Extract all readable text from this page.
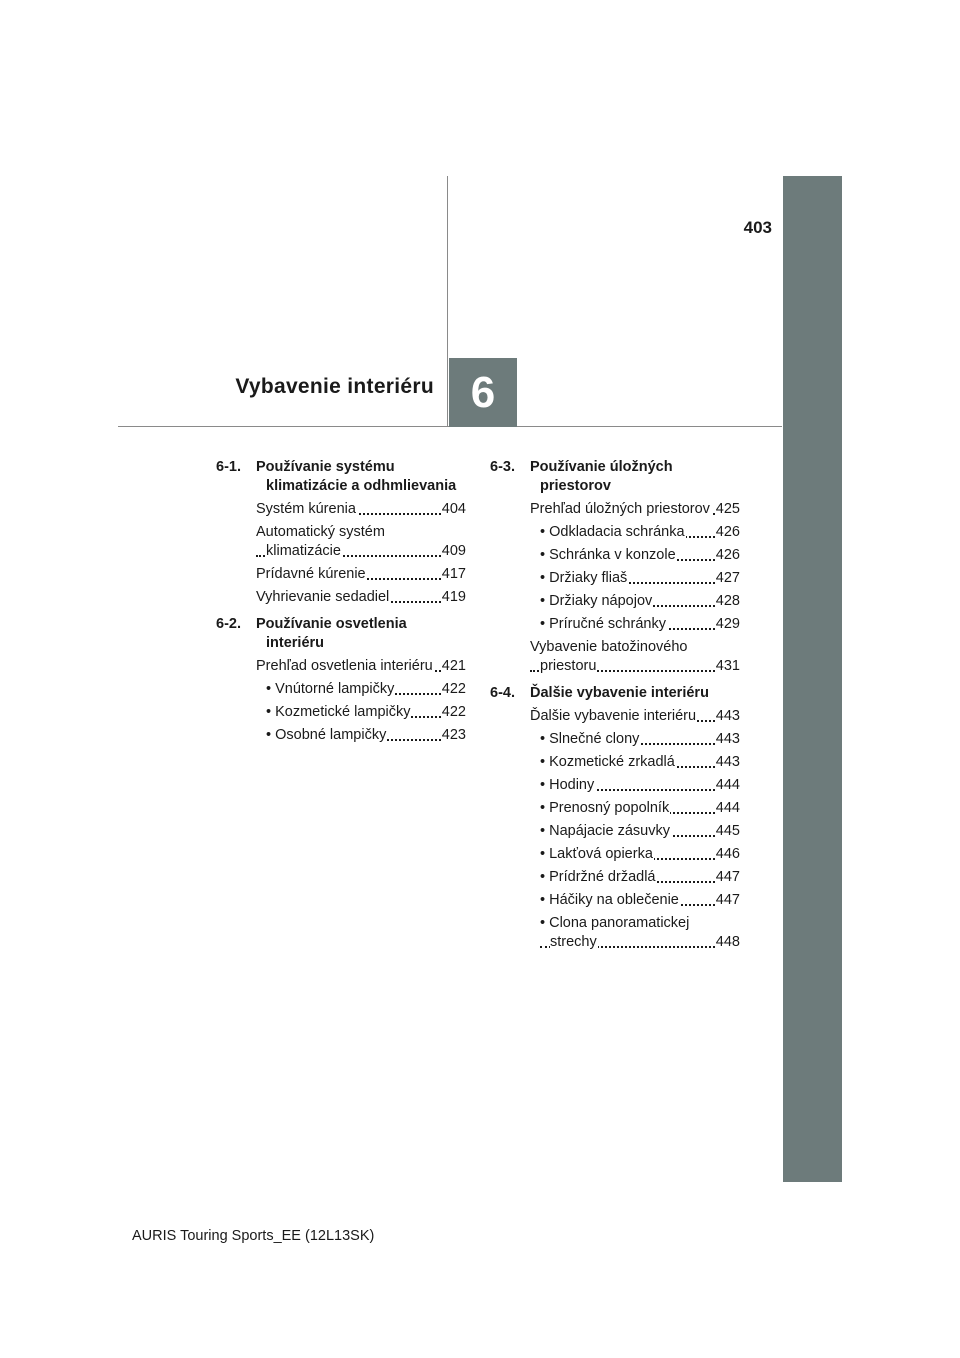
403
Vybavenie interiéru 6
6-1.	Používanie systému klimatizácie a odhmlievania
Systém kúrenia	404
Automatický systém klimatizácie	409
Prídavné kúrenie	417
Vyhrievanie sedadiel	419
6-2.	Používanie osvetlenia interiéru
Prehľad osvetlenia interiéru 421
• Vnútorné lampičky	422
• Kozmetické lampičky	422
• Osobné lampičky	423
6-3.	Používanie úložných priestorov
Prehľad úložných priestorov 425
• Odkladacia schránka	426
• Schránka v konzole	426
• Držiaky fliaš	427
• Držiaky nápojov	428
• Príručné schránky	429
Vybavenie batožinového priestoru	431
6-4.	Ďalšie vybavenie interiéru
Ďalšie vybavenie interiéru	443
• Slnečné clony	443
• Kozmetické zrkadlá	443
• Hodiny	444
• Prenosný popolník	444
• Napájacie zásuvky	445
• Lakťová opierka	446
• Prídržné držadlá	447
• Háčiky na oblečenie	447
• Clona panoramatickej strechy	448
AURIS Touring Sports_EE (12L13SK)
